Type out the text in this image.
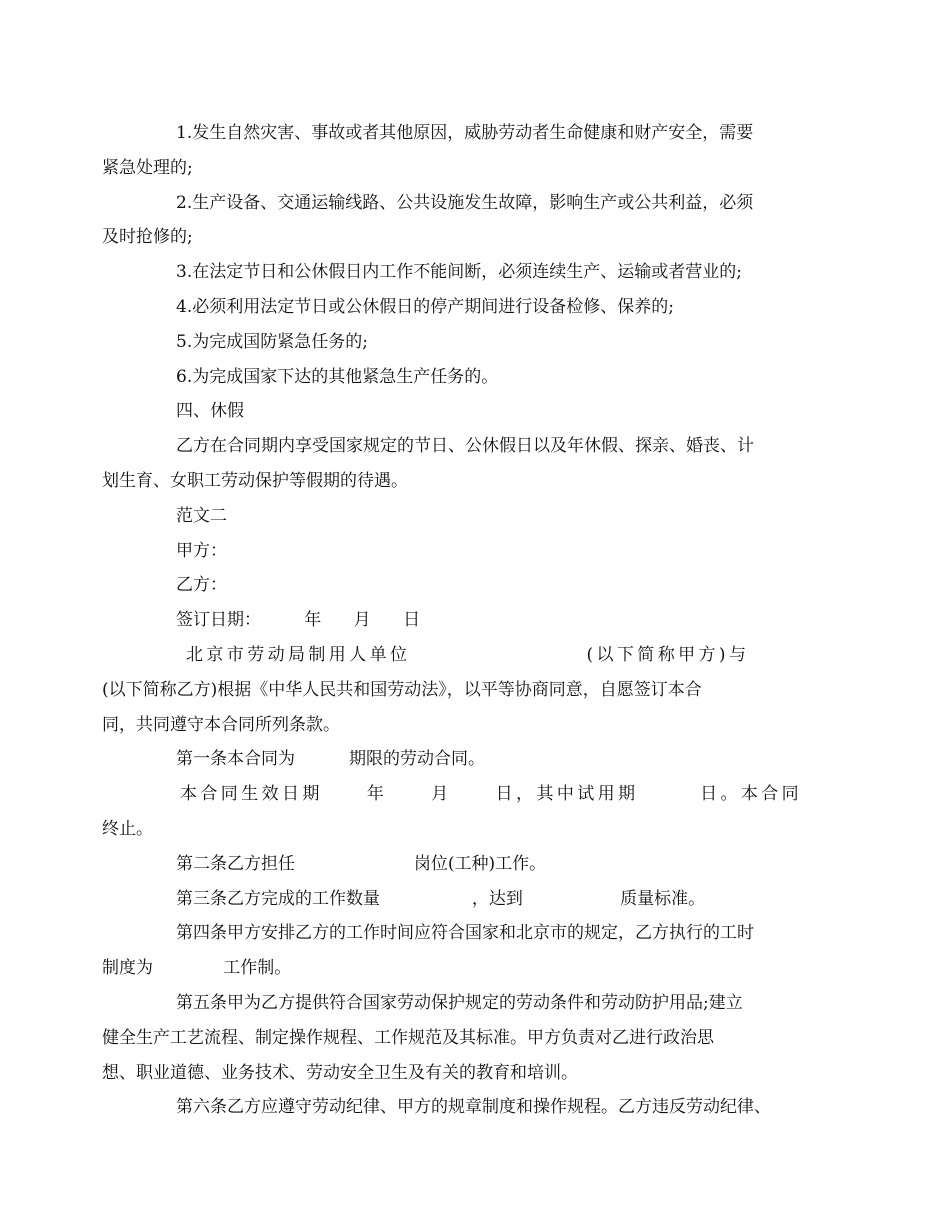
1.发生自然灾害、事故或者其他原因，威胁劳动者生命健康和财产安全，需要
紧急处理的;
2.生产设备、交通运输线路、公共设施发生故障，影响生产或公共利益，必须
及时抢修的;
3.在法定节日和公休假日内工作不能间断，必须连续生产、运输或者营业的;
4.必须利用法定节日或公休假日的停产期间进行设备检修、保养的;
5.为完成国防紧急任务的;
6.为完成国家下达的其他紧急生产任务的。
四、休假
乙方在合同期内享受国家规定的节日、公休假日以及年休假、探亲、婚丧、计
划生育、女职工劳动保护等假期的待遇。
范文二
甲方：
乙方：
签订日期：        年      月      日
北京市劳动局制用人单位                    (以下简称甲方)与
(以下简称乙方)根据《中华人民共和国劳动法》，以平等协商同意，自愿签订本合
同，共同遵守本合同所列条款。
第一条本合同为          期限的劳动合同。
本合同生效日期     年     月     日，其中试用期       日。本合同
终止。
第二条乙方担任                      岗位(工种)工作。
第三条乙方完成的工作数量                 ，达到                  质量标准。
第四条甲方安排乙方的工作时间应符合国家和北京市的规定，乙方执行的工时
制度为             工作制。
第五条甲为乙方提供符合国家劳动保护规定的劳动条件和劳动防护用品;建立
健全生产工艺流程、制定操作规程、工作规范及其标准。甲方负责对乙进行政治思
想、职业道德、业务技术、劳动安全卫生及有关的教育和培训。
第六条乙方应遵守劳动纪律、甲方的规章制度和操作规程。乙方违反劳动纪律、
